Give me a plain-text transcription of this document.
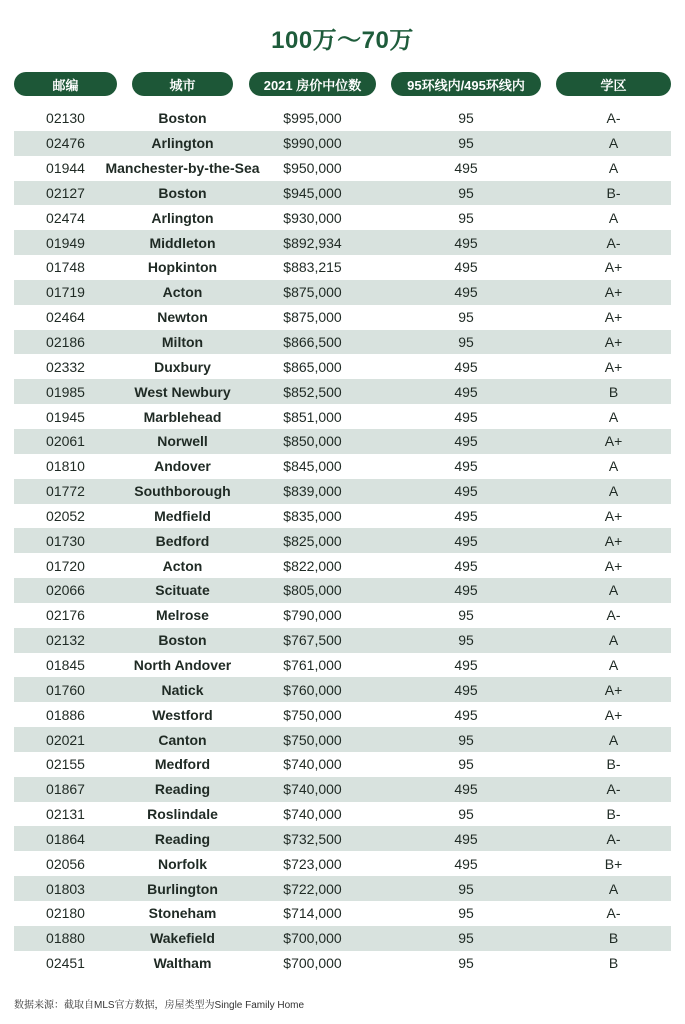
100万～70万
邮编	城市	2021 房价中位数	95环线内/495环线内	学区
02130	Boston	$995,000	95	A-
02476	Arlington	$990,000	95	A
01944	Manchester-by-the-Sea	$950,000	495	A
02127	Boston	$945,000	95	B-
02474	Arlington	$930,000	95	A
01949	Middleton	$892,934	495	A-
01748	Hopkinton	$883,215	495	A+
01719	Acton	$875,000	495	A+
02464	Newton	$875,000	95	A+
02186	Milton	$866,500	95	A+
02332	Duxbury	$865,000	495	A+
01985	West Newbury	$852,500	495	B
01945	Marblehead	$851,000	495	A
02061	Norwell	$850,000	495	A+
01810	Andover	$845,000	495	A
01772	Southborough	$839,000	495	A
02052	Medfield	$835,000	495	A+
01730	Bedford	$825,000	495	A+
01720	Acton	$822,000	495	A+
02066	Scituate	$805,000	495	A
02176	Melrose	$790,000	95	A-
02132	Boston	$767,500	95	A
01845	North Andover	$761,000	495	A
01760	Natick	$760,000	495	A+
01886	Westford	$750,000	495	A+
02021	Canton	$750,000	95	A
02155	Medford	$740,000	95	B-
01867	Reading	$740,000	495	A-
02131	Roslindale	$740,000	95	B-
01864	Reading	$732,500	495	A-
02056	Norfolk	$723,000	495	B+
01803	Burlington	$722,000	95	A
02180	Stoneham	$714,000	95	A-
01880	Wakefield	$700,000	95	B
02451	Waltham	$700,000	95	B
数据来源：截取自MLS官方数据，房屋类型为Single Family Home
